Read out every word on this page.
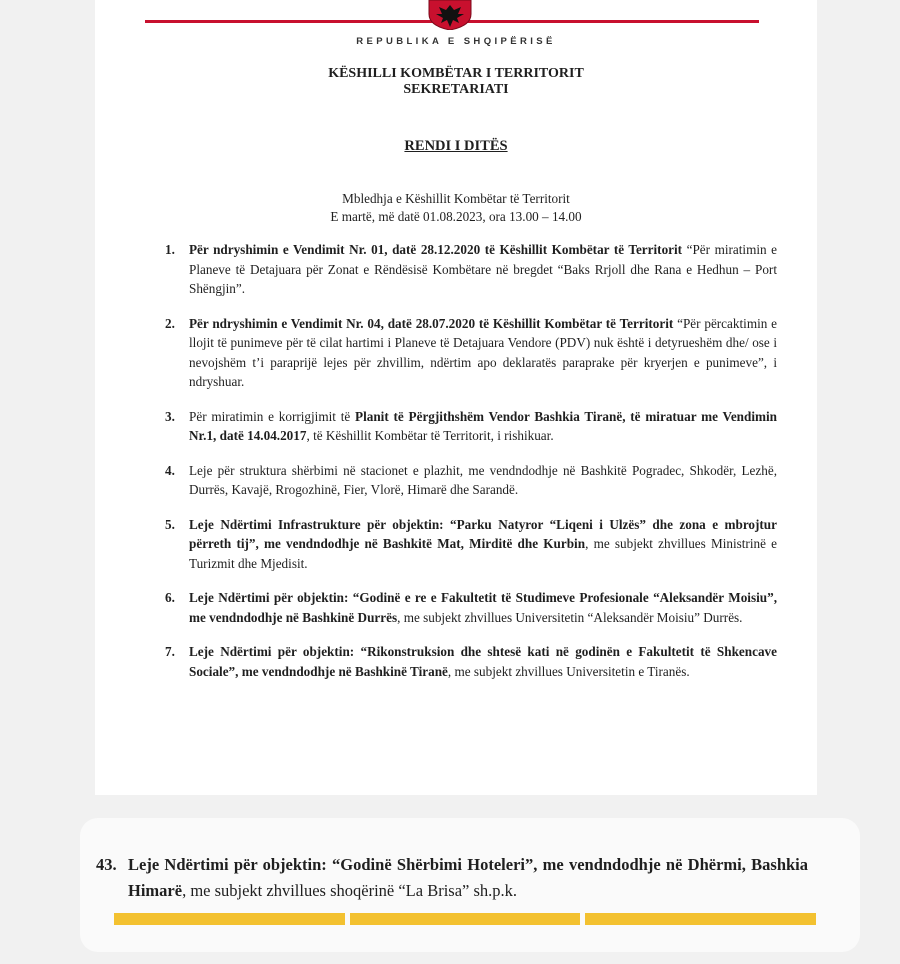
REPUBLIKA E SHQIPËRISË
KËSHILLI KOMBËTAR I TERRITORIT
SEKRETARIATI
RENDI I DITËS
Mbledhja e Këshillit Kombëtar të Territorit
E martë, më datë 01.08.2023, ora 13.00 – 14.00
1. Për ndryshimin e Vendimit Nr. 01, datë 28.12.2020 të Këshillit Kombëtar të Territorit “Për miratimin e Planeve të Detajuara për Zonat e Rëndësisë Kombëtare në bregdet “Baks Rrjoll dhe Rana e Hedhun – Port Shëngjin”.
2. Për ndryshimin e Vendimit Nr. 04, datë 28.07.2020 të Këshillit Kombëtar të Territorit “Për përcaktimin e llojit të punimeve për të cilat hartimi i Planeve të Detajuara Vendore (PDV) nuk është i detyrueshëm dhe/ ose i nevojshëm t’i paraprijë lejes për zhvillim, ndërtim apo deklaratës paraprake për kryerjen e punimeve”, i ndryshuar.
3. Për miratimin e korrigjimit të Planit të Përgjithshëm Vendor Bashkia Tiranë, të miratuar me Vendimin Nr.1, datë 14.04.2017, të Këshillit Kombëtar të Territorit, i rishikuar.
4. Leje për struktura shërbimi në stacionet e plazhit, me vendndodhje në Bashkitë Pogradec, Shkodër, Lezhë, Durrës, Kavajë, Rrogozhinë, Fier, Vlorë, Himarë dhe Sarandë.
5. Leje Ndërtimi Infrastrukture për objektin: “Parku Natyror “Liqeni i Ulzës” dhe zona e mbrojtur përreth tij”, me vendndodhje në Bashkitë Mat, Mirditë dhe Kurbin, me subjekt zhvillues Ministrinë e Turizmit dhe Mjedisit.
6. Leje Ndërtimi për objektin: “Godinë e re e Fakultetit të Studimeve Profesionale “Aleksandër Moisiu”, me vendndodhje në Bashkinë Durrës, me subjekt zhvillues Universitetin “Aleksandër Moisiu” Durrës.
7. Leje Ndërtimi për objektin: “Rikonstruksion dhe shtesë kati në godinën e Fakultetit të Shkencave Sociale”, me vendndodhje në Bashkinë Tiranë, me subjekt zhvillues Universitetin e Tiranës.
43. Leje Ndërtimi për objektin: “Godinë Shërbimi Hoteleri”, me vendndodhje në Dhërmi, Bashkia Himarë, me subjekt zhvillues shoqërinë “La Brisa” sh.p.k.
